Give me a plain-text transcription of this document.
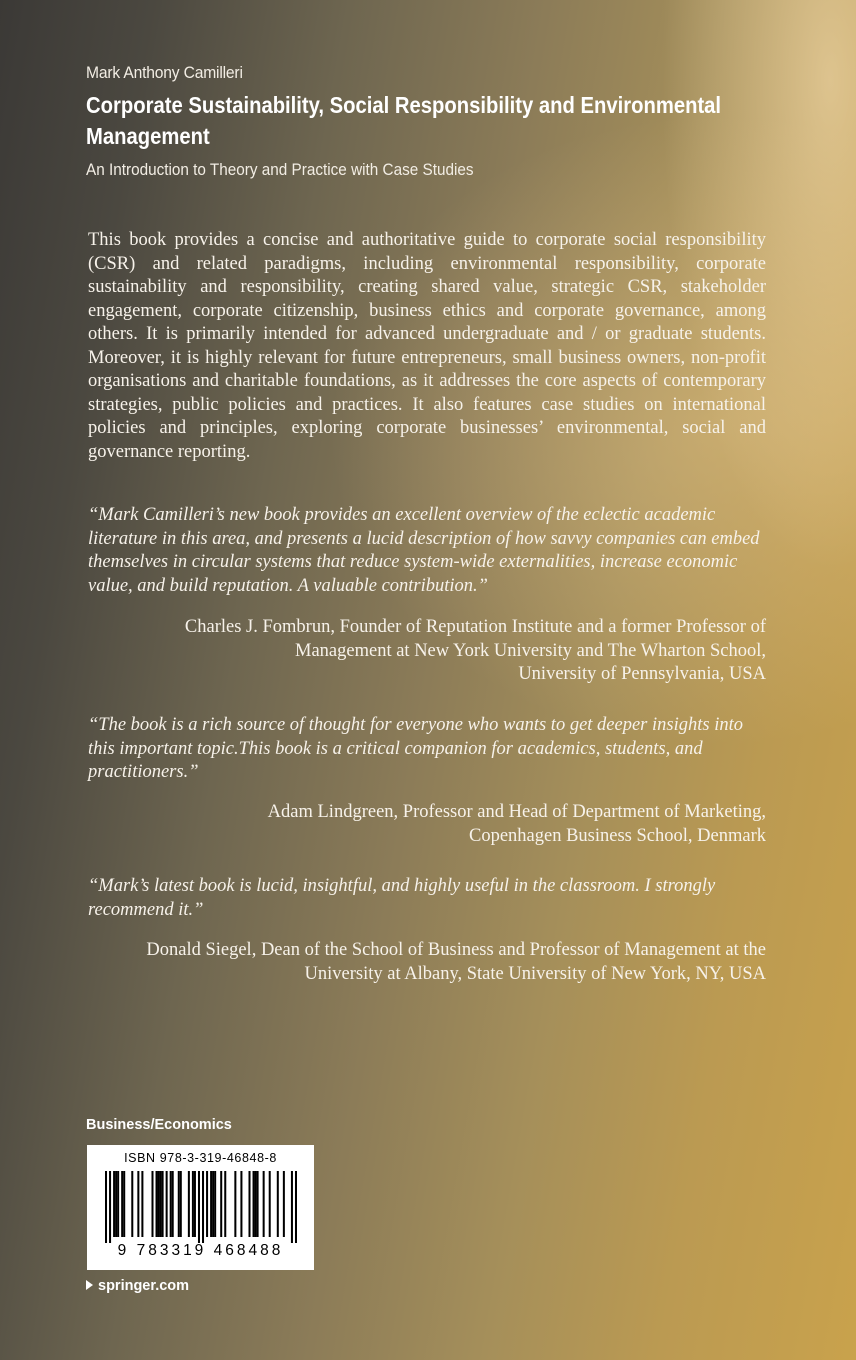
Mark Anthony Camilleri
Corporate Sustainability, Social Responsibility and Environmental Management
An Introduction to Theory and Practice with Case Studies

This book provides a concise and authoritative guide to corporate social responsibility (CSR) and related paradigms, including environmental responsibility, corporate sustainability and responsibility, creating shared value, strategic CSR, stakeholder engagement, corporate citizenship, business ethics and corporate governance, among others. It is primarily intended for advanced undergraduate and / or graduate students. Moreover, it is highly relevant for future entrepreneurs, small business owners, non-profit organisations and charitable foundations, as it addresses the core aspects of contemporary strategies, public policies and practices. It also features case studies on international policies and principles, exploring corporate businesses’ environmental, social and governance reporting.

“Mark Camilleri’s new book provides an excellent overview of the eclectic academic literature in this area, and presents a lucid description of how savvy companies can embed themselves in circular systems that reduce system-wide externalities, increase economic value, and build reputation. A valuable contribution.”

Charles J. Fombrun, Founder of Reputation Institute and a former Professor of
Management at New York University and The Wharton School,
University of Pennsylvania, USA

“The book is a rich source of thought for everyone who wants to get deeper insights into this important topic.This book is a critical companion for academics, students, and practitioners.”

Adam Lindgreen, Professor and Head of Department of Marketing,
Copenhagen Business School, Denmark

“Mark’s latest book is lucid, insightful, and highly useful in the classroom. I strongly recommend it.”

Donald Siegel, Dean of the School of Business and Professor of Management at the
University at Albany, State University of New York, NY, USA
Business/Economics
ISBN 978-3-319-46848-8
9 783319 468488
springer.com
